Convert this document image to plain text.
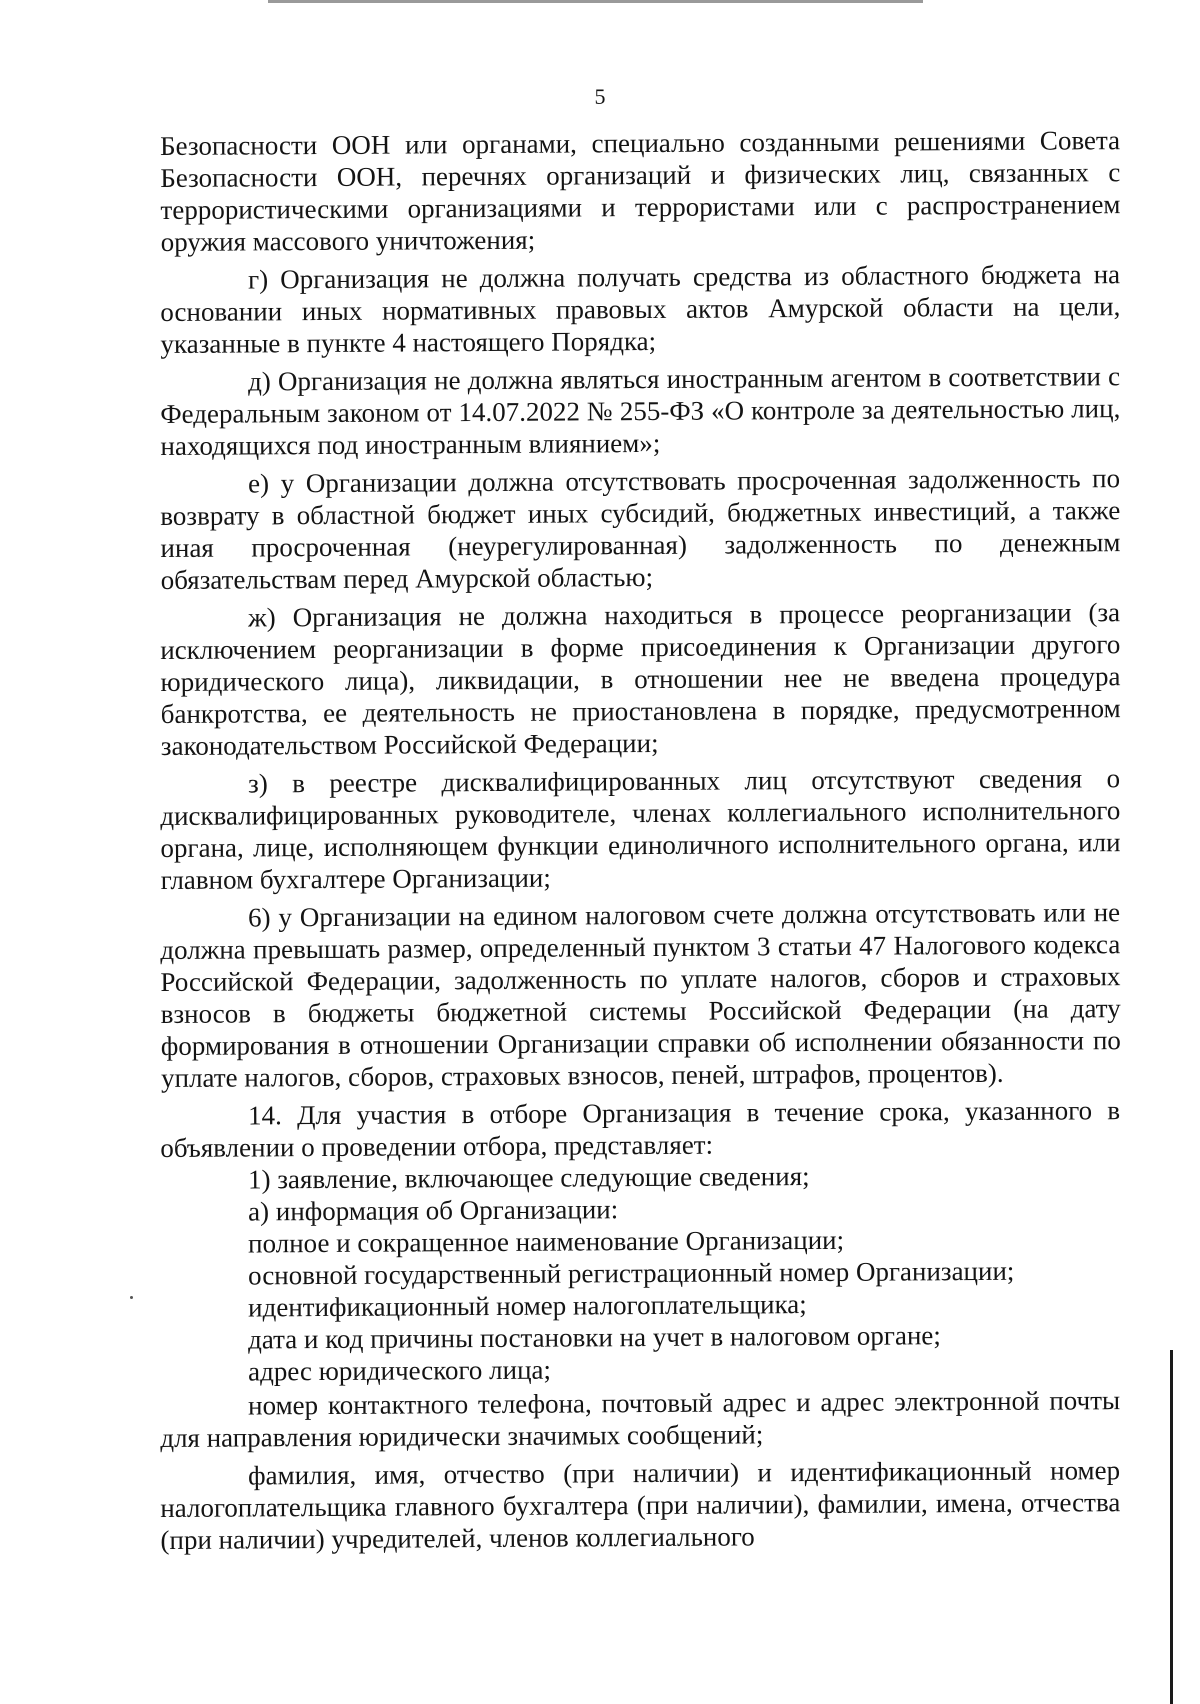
5

Безопасности ООН или органами, специально созданными решениями Совета Безопасности ООН, перечнях организаций и физических лиц, связанных с террористическими организациями и террористами или с распространением оружия массового уничтожения;

г) Организация не должна получать средства из областного бюджета на основании иных нормативных правовых актов Амурской области на цели, указанные в пункте 4 настоящего Порядка;

д) Организация не должна являться иностранным агентом в соответствии с Федеральным законом от 14.07.2022 № 255-ФЗ «О контроле за деятельностью лиц, находящихся под иностранным влиянием»;

е) у Организации должна отсутствовать просроченная задолженность по возврату в областной бюджет иных субсидий, бюджетных инвестиций, а также иная просроченная (неурегулированная) задолженность по денежным обязательствам перед Амурской областью;

ж) Организация не должна находиться в процессе реорганизации (за исключением реорганизации в форме присоединения к Организации другого юридического лица), ликвидации, в отношении нее не введена процедура банкротства, ее деятельность не приостановлена в порядке, предусмотренном законодательством Российской Федерации;

з) в реестре дисквалифицированных лиц отсутствуют сведения о дисквалифицированных руководителе, членах коллегиального исполнительного органа, лице, исполняющем функции единоличного исполнительного органа, или главном бухгалтере Организации;

6) у Организации на едином налоговом счете должна отсутствовать или не должна превышать размер, определенный пунктом 3 статьи 47 Налогового кодекса Российской Федерации, задолженность по уплате налогов, сборов и страховых взносов в бюджеты бюджетной системы Российской Федерации (на дату формирования в отношении Организации справки об исполнении обязанности по уплате налогов, сборов, страховых взносов, пеней, штрафов, процентов).

14. Для участия в отборе Организация в течение срока, указанного в объявлении о проведении отбора, представляет:

1) заявление, включающее следующие сведения;

а) информация об Организации:

полное и сокращенное наименование Организации;

основной государственный регистрационный номер Организации;

идентификационный номер налогоплательщика;

дата и код причины постановки на учет в налоговом органе;

адрес юридического лица;

номер контактного телефона, почтовый адрес и адрес электронной почты для направления юридически значимых сообщений;

фамилия, имя, отчество (при наличии) и идентификационный номер налогоплательщика главного бухгалтера (при наличии), фамилии, имена, отчества (при наличии) учредителей, членов коллегиального
